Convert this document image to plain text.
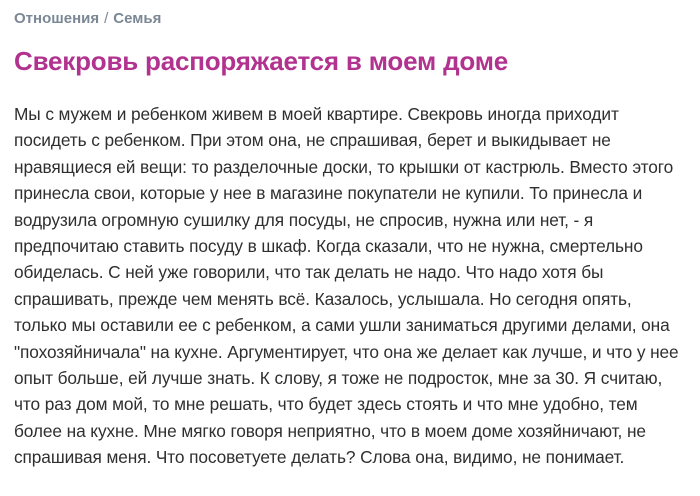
Отношения / Семья
Свекровь распоряжается в моем доме

Мы с мужем и ребенком живем в моей квартире. Свекровь иногда приходит посидеть с ребенком. При этом она, не спрашивая, берет и выкидывает не нравящиеся ей вещи: то разделочные доски, то крышки от кастрюль. Вместо этого принесла свои, которые у нее в магазине покупатели не купили. То принесла и водрузила огромную сушилку для посуды, не спросив, нужна или нет, - я предпочитаю ставить посуду в шкаф. Когда сказали, что не нужна, смертельно обиделась. С ней уже говорили, что так делать не надо. Что надо хотя бы спрашивать, прежде чем менять всё. Казалось, услышала. Но сегодня опять, только мы оставили ее с ребенком, а сами ушли заниматься другими делами, она "похозяйничала" на кухне. Аргументирует, что она же делает как лучше, и что у нее опыт больше, ей лучше знать. К слову, я тоже не подросток, мне за 30. Я считаю, что раз дом мой, то мне решать, что будет здесь стоять и что мне удобно, тем более на кухне. Мне мягко говоря неприятно, что в моем доме хозяйничают, не спрашивая меня. Что посоветуете делать? Слова она, видимо, не понимает.
